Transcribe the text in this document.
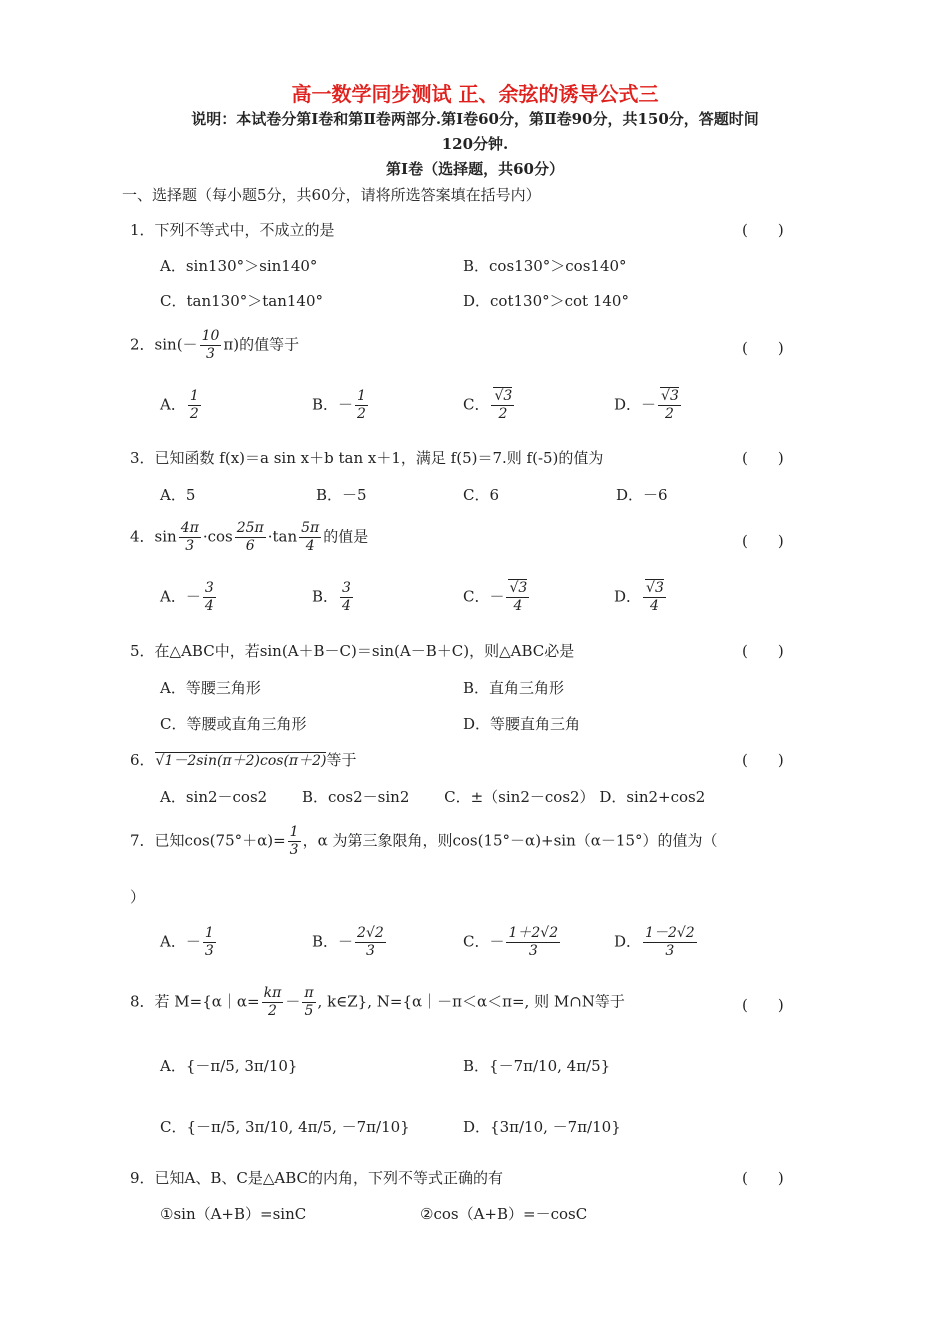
高一数学同步测试 正、余弦的诱导公式三
说明：本试卷分第Ⅰ卷和第Ⅱ卷两部分.第Ⅰ卷60分，第Ⅱ卷90分，共150分，答题时间
120分钟.
第Ⅰ卷（选择题，共60分）
一、选择题（每小题5分，共60分，请将所选答案填在括号内）
1．下列不等式中，不成立的是	(　　)
A．sin130°＞sin140°	B．cos130°＞cos140°
C．tan130°＞tan140°	D．cot130°＞cot 140°
2．$\sin(- \frac{10}{3} \pi)$的值等于	(　　)
A． $\frac{1}{2}$	B．－ $\frac{1}{2}$	C． √ $\frac{3}{2}$	D．－ √ $\frac{3}{2}$
3．已知函数 f(x)＝a sin x＋b tan x＋1，满足 f(5)＝7.则 f(-5)的值为	(　　)
A．5	B．－5	C．6	D．－6
4．$\sin \frac{4\pi}{3} \cdot\cos \frac{25\pi}{6} \cdot\tan \frac{5\pi}{4}$ 的值是	(　　)
A．－ $\frac{3}{4}$	B． $\frac{3}{4}$	C．－ √ $\frac{3}{4}$	D． √ $\frac{3}{4}$
5．在△ABC中，若sin(A＋B－C)＝sin(A－B＋C)，则△ABC必是	(　　)
A．等腰三角形	B．直角三角形
C．等腰或直角三角形	D．等腰直角三角
6． √ 1－2sin(π＋2)cos(π＋2)等于	(　　)
A．sin2－cos2　　 B．cos2－sin2　　 C．±（sin2－cos2） D．sin2+cos2
7．已知$\cos(75^\circ+\alpha)= \frac{1}{3}$ ，α 为第三象限角，则cos(15°－α)+sin（α－15°）的值为（
）
A．－ $\frac{1}{3}$	B．－ $\frac{2√2}{3}$	C．－ $\frac{1+2√2}{3}$	D． $\frac{1-2√2}{3}$
8．若 M={α｜α= $\frac{k\pi}{2} - \frac{\pi}{5}$ , k∈Z}, N={α｜－π＜α＜π=, 则 M∩N等于	(　　)
A．{－π/5, 3π/10}	B．{－7π/10, 4π/5}
C．{－π/5, 3π/10, 4π/5, －7π/10}	D．{3π/10, －7π/10}
9．已知A、B、C是△ABC的内角，下列不等式正确的有	(　　)
①sin（A+B）=sinC	②cos（A+B）=－cosC
